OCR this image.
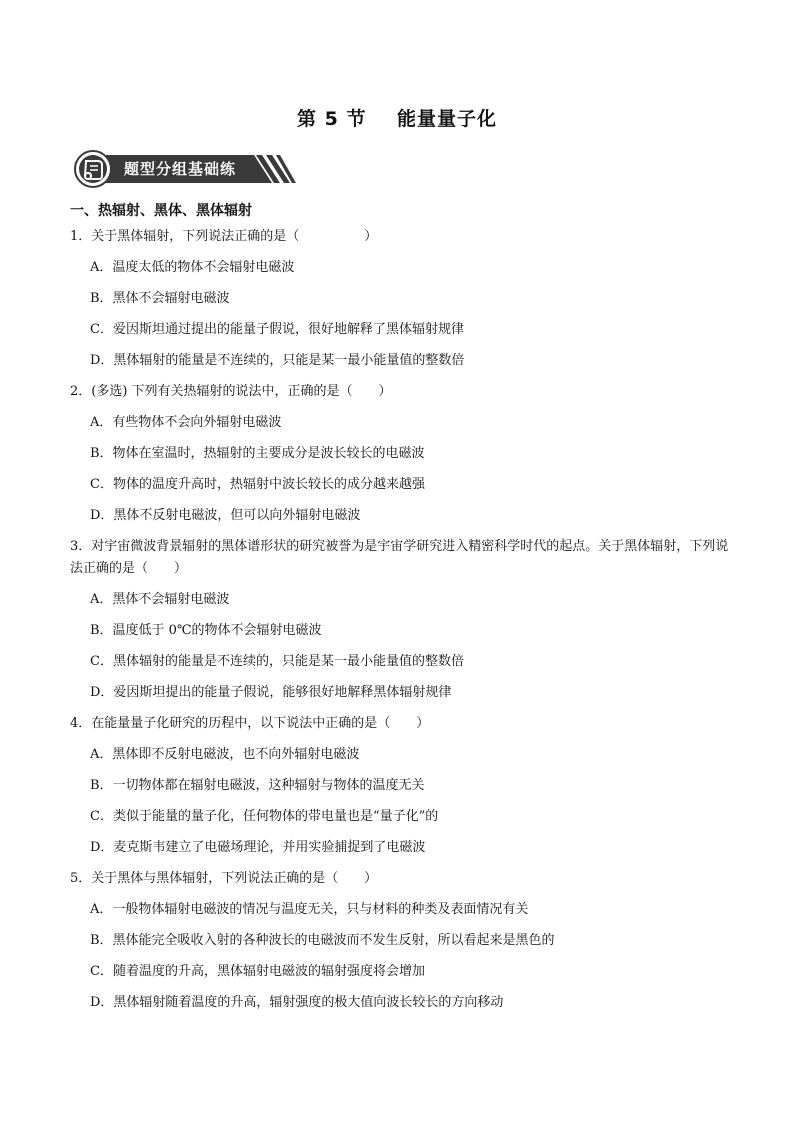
第 5 节    能量量子化
题型分组基础练
一、热辐射、黑体、黑体辐射
1．关于黑体辐射，下列说法正确的是（　　　　　）
A．温度太低的物体不会辐射电磁波
B．黑体不会辐射电磁波
C．爱因斯坦通过提出的能量子假说，很好地解释了黑体辐射规律
D．黑体辐射的能量是不连续的，只能是某一最小能量值的整数倍
2．(多选) 下列有关热辐射的说法中，正确的是（　　）
A．有些物体不会向外辐射电磁波
B．物体在室温时，热辐射的主要成分是波长较长的电磁波
C．物体的温度升高时，热辐射中波长较长的成分越来越强
D．黑体不反射电磁波，但可以向外辐射电磁波
3．对宇宙微波背景辐射的黑体谱形状的研究被誉为是宇宙学研究进入精密科学时代的起点。关于黑体辐射，下列说法正确的是（　　）
A．黑体不会辐射电磁波
B．温度低于 0℃的物体不会辐射电磁波
C．黑体辐射的能量是不连续的，只能是某一最小能量值的整数倍
D．爱因斯坦提出的能量子假说，能够很好地解释黑体辐射规律
4．在能量量子化研究的历程中，以下说法中正确的是（　　）
A．黑体即不反射电磁波，也不向外辐射电磁波
B．一切物体都在辐射电磁波，这种辐射与物体的温度无关
C．类似于能量的量子化，任何物体的带电量也是“量子化”的
D．麦克斯韦建立了电磁场理论，并用实验捕捉到了电磁波
5．关于黑体与黑体辐射，下列说法正确的是（　　）
A．一般物体辐射电磁波的情况与温度无关，只与材料的种类及表面情况有关
B．黑体能完全吸收入射的各种波长的电磁波而不发生反射，所以看起来是黑色的
C．随着温度的升高，黑体辐射电磁波的辐射强度将会增加
D．黑体辐射随着温度的升高，辐射强度的极大值向波长较长的方向移动
